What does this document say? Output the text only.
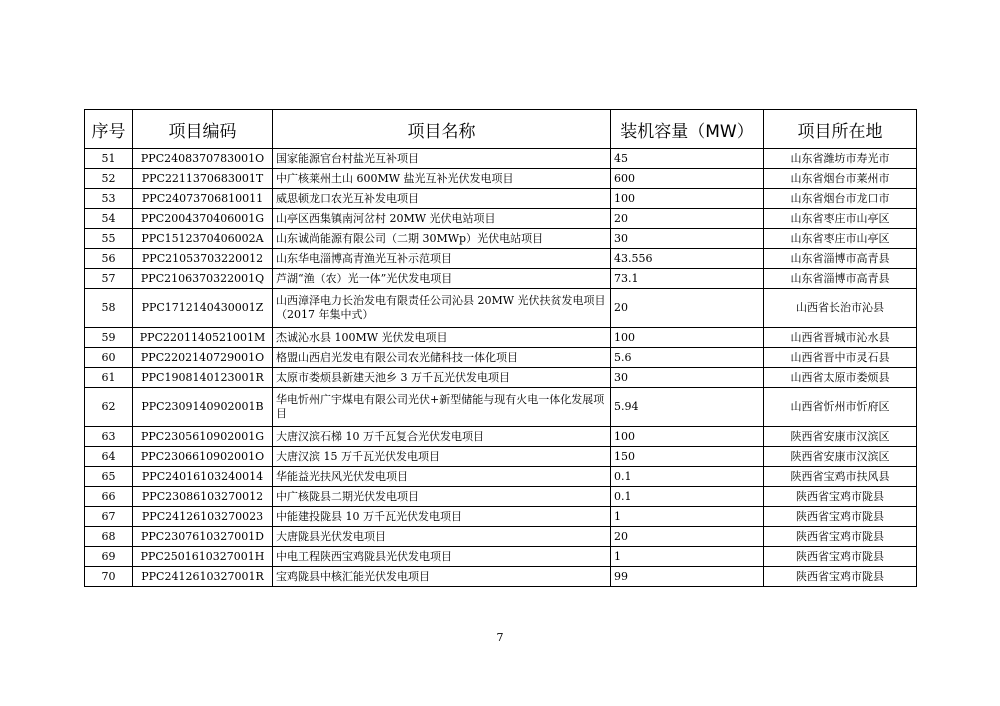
序号	项目编码	项目名称	装机容量（MW）	项目所在地
51	PPC2408370783001O	国家能源官台村盐光互补项目	45	山东省潍坊市寿光市
52	PPC2211370683001T	中广核莱州土山 600MW 盐光互补光伏发电项目	600	山东省烟台市莱州市
53	PPC24073706810011	威思顿龙口农光互补发电项目	100	山东省烟台市龙口市
54	PPC2004370406001G	山亭区西集镇南河岔村 20MW 光伏电站项目	20	山东省枣庄市山亭区
55	PPC1512370406002A	山东诚尚能源有限公司（二期 30MWp）光伏电站项目	30	山东省枣庄市山亭区
56	PPC21053703220012	山东华电淄博高青渔光互补示范项目	43.556	山东省淄博市高青县
57	PPC2106370322001Q	芦湖“渔（农）光一体”光伏发电项目	73.1	山东省淄博市高青县
58	PPC1712140430001Z	山西漳泽电力长治发电有限责任公司沁县 20MW 光伏扶贫发电项目（2017 年集中式）	20	山西省长治市沁县
59	PPC2201140521001M	杰诚沁水县 100MW 光伏发电项目	100	山西省晋城市沁水县
60	PPC2202140729001O	格盟山西启光发电有限公司农光储科技一体化项目	5.6	山西省晋中市灵石县
61	PPC1908140123001R	太原市娄烦县新建天池乡 3 万千瓦光伏发电项目	30	山西省太原市娄烦县
62	PPC2309140902001B	华电忻州广宇煤电有限公司光伏+新型储能与现有火电一体化发展项目	5.94	山西省忻州市忻府区
63	PPC2305610902001G	大唐汉滨石梯 10 万千瓦复合光伏发电项目	100	陕西省安康市汉滨区
64	PPC2306610902001O	大唐汉滨 15 万千瓦光伏发电项目	150	陕西省安康市汉滨区
65	PPC24016103240014	华能益光扶风光伏发电项目	0.1	陕西省宝鸡市扶风县
66	PPC23086103270012	中广核陇县二期光伏发电项目	0.1	陕西省宝鸡市陇县
67	PPC24126103270023	中能建投陇县 10 万千瓦光伏发电项目	1	陕西省宝鸡市陇县
68	PPC2307610327001D	大唐陇县光伏发电项目	20	陕西省宝鸡市陇县
69	PPC2501610327001H	中电工程陕西宝鸡陇县光伏发电项目	1	陕西省宝鸡市陇县
70	PPC2412610327001R	宝鸡陇县中核汇能光伏发电项目	99	陕西省宝鸡市陇县
7
